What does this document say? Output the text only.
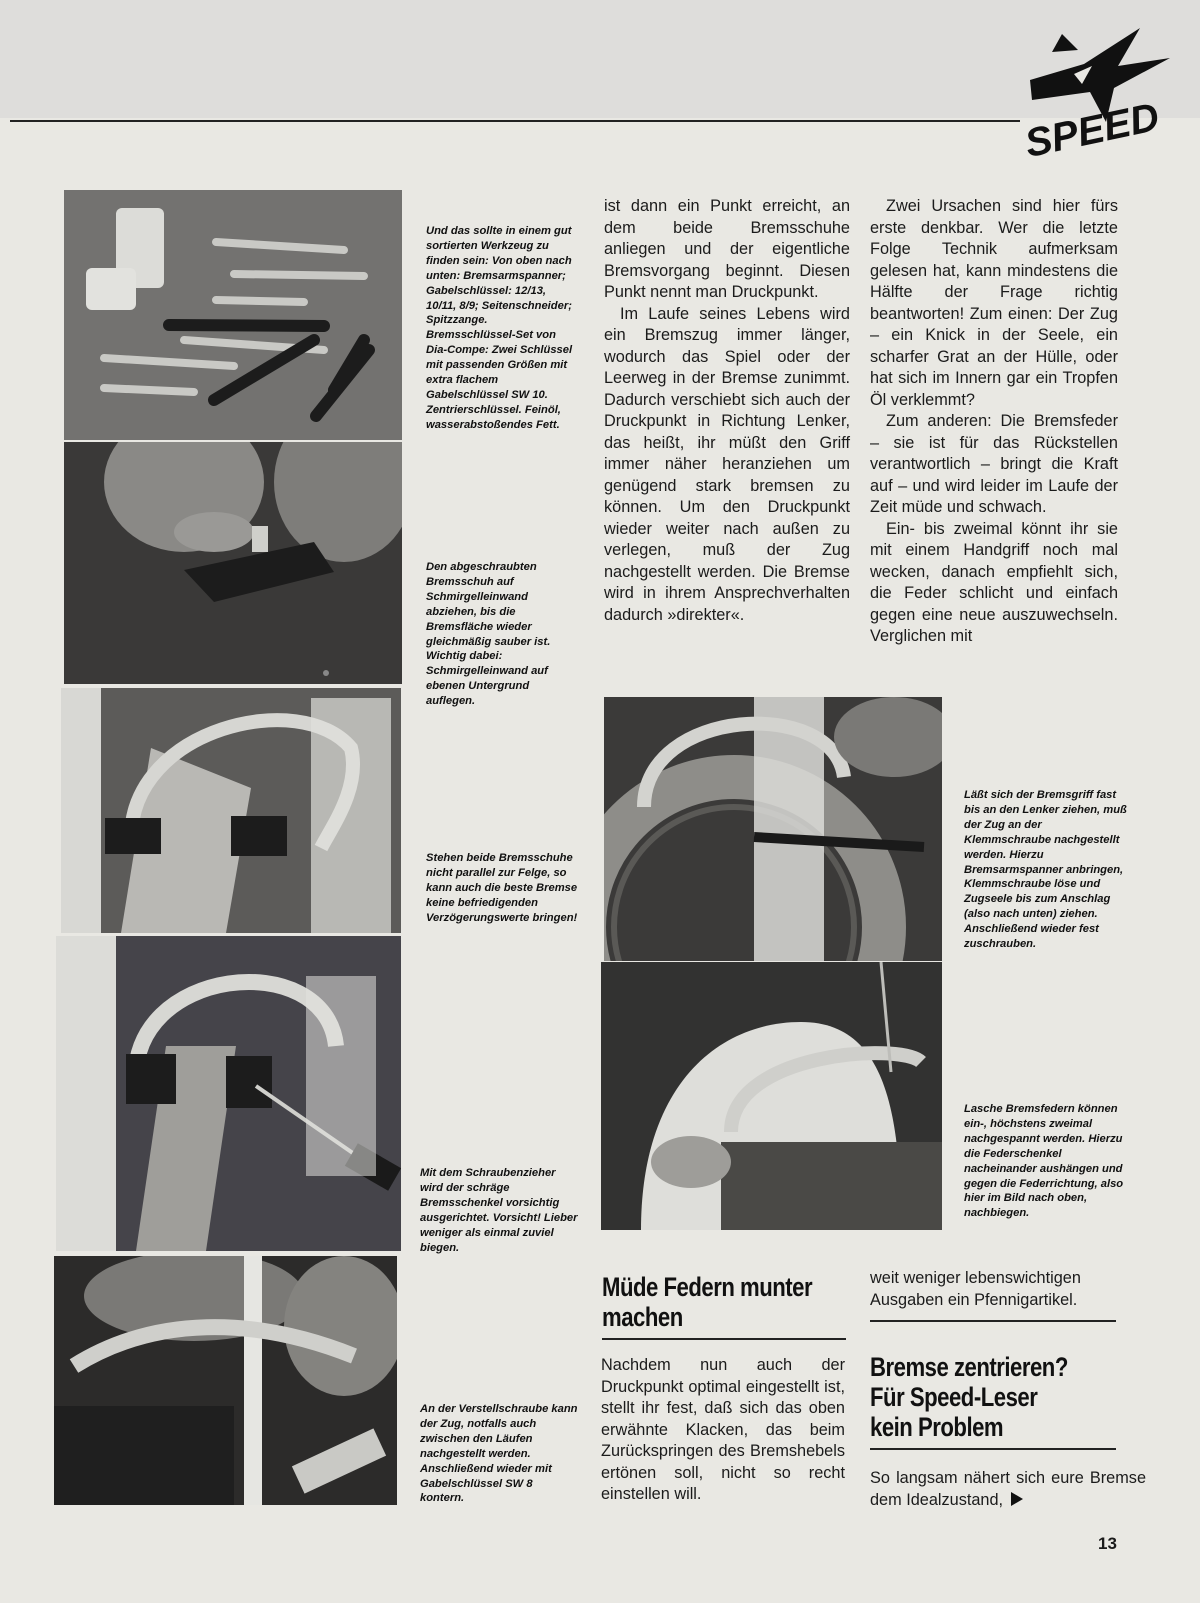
SPEED
Und das sollte in einem gut sortierten Werkzeug zu finden sein: Von oben nach unten: Bremsarmspanner; Gabelschlüssel: 12/13, 10/11, 8/9; Seitenschneider; Spitzzange. Bremsschlüssel-Set von Dia-Compe: Zwei Schlüssel mit passenden Größen mit extra flachem Gabelschlüssel SW 10. Zentrierschlüssel. Feinöl, wasserabstoßendes Fett.
Den abgeschraubten Bremsschuh auf Schmirgelleinwand abziehen, bis die Bremsfläche wieder gleichmäßig sauber ist. Wichtig dabei: Schmirgelleinwand auf ebenen Untergrund auflegen.
Stehen beide Bremsschuhe nicht parallel zur Felge, so kann auch die beste Bremse keine befriedigenden Verzögerungswerte bringen!
Mit dem Schraubenzieher wird der schräge Bremsschenkel vorsichtig ausgerichtet. Vorsicht! Lieber weniger als einmal zuviel biegen.
An der Verstellschraube kann der Zug, notfalls auch zwischen den Läufen nachgestellt werden. Anschließend wieder mit Gabelschlüssel SW 8 kontern.

ist dann ein Punkt erreicht, an dem beide Bremsschuhe anliegen und der eigentliche Bremsvorgang beginnt. Diesen Punkt nennt man Druckpunkt.

Im Laufe seines Lebens wird ein Bremszug immer länger, wodurch das Spiel oder der Leerweg in der Bremse zunimmt. Dadurch verschiebt sich auch der Druckpunkt in Richtung Lenker, das heißt, ihr müßt den Griff immer näher heranziehen um genügend stark bremsen zu können. Um den Druckpunkt wieder weiter nach außen zu verlegen, muß der Zug nachgestellt werden. Die Bremse wird in ihrem Ansprechverhalten dadurch »direkter«.

Zwei Ursachen sind hier fürs erste denkbar. Wer die letzte Folge Technik aufmerksam gelesen hat, kann mindestens die Hälfte der Frage richtig beantworten! Zum einen: Der Zug – ein Knick in der Seele, ein scharfer Grat an der Hülle, oder hat sich im Innern gar ein Tropfen Öl verklemmt?

Zum anderen: Die Bremsfeder – sie ist für das Rückstellen verantwortlich – bringt die Kraft auf – und wird leider im Laufe der Zeit müde und schwach.

Ein- bis zweimal könnt ihr sie mit einem Handgriff noch mal wecken, danach empfiehlt sich, die Feder schlicht und einfach gegen eine neue auszuwechseln. Verglichen mit

Läßt sich der Bremsgriff fast bis an den Lenker ziehen, muß der Zug an der Klemmschraube nachgestellt werden. Hierzu Bremsarmspanner anbringen, Klemmschraube löse und Zugseele bis zum Anschlag (also nach unten) ziehen. Anschließend wieder fest zuschrauben.
Lasche Bremsfedern können ein-, höchstens zweimal nachgespannt werden. Hierzu die Federschenkel nacheinander aushängen und gegen die Federrichtung, also hier im Bild nach oben, nachbiegen.
Müde Federn munter
machen
Nachdem nun auch der Druckpunkt optimal eingestellt ist, stellt ihr fest, daß sich das oben erwähnte Klacken, das beim Zurückspringen des Bremshebels ertönen soll, nicht so recht einstellen will.
weit weniger lebenswichtigen Ausgaben ein Pfennigartikel.
Bremse zentrieren?
Für Speed-Leser
kein Problem
So langsam nähert sich eure Bremse dem Idealzustand,
13
